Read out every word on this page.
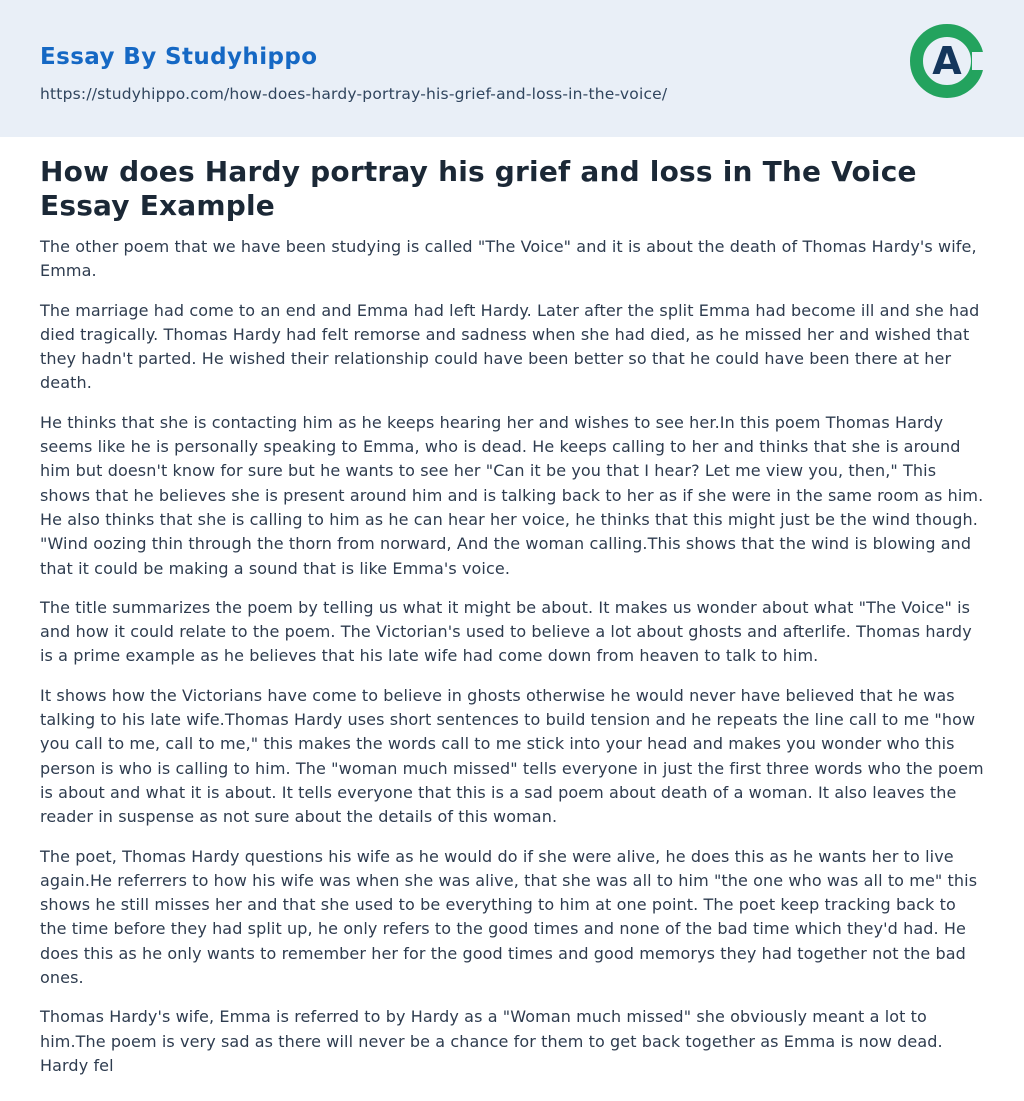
Essay By Studyhippo
https://studyhippo.com/how-does-hardy-portray-his-grief-and-loss-in-the-voice/
A
How does Hardy portray his grief and loss in The Voice Essay Example

The other poem that we have been studying is called "The Voice" and it is about the death of Thomas Hardy's wife, Emma.

The marriage had come to an end and Emma had left Hardy. Later after the split Emma had become ill and she had died tragically. Thomas Hardy had felt remorse and sadness when she had died, as he missed her and wished that they hadn't parted. He wished their relationship could have been better so that he could have been there at her death.

He thinks that she is contacting him as he keeps hearing her and wishes to see her.In this poem Thomas Hardy seems like he is personally speaking to Emma, who is dead. He keeps calling to her and thinks that she is around him but doesn't know for sure but he wants to see her "Can it be you that I hear? Let me view you, then," This shows that he believes she is present around him and is talking back to her as if she were in the same room as him. He also thinks that she is calling to him as he can hear her voice, he thinks that this might just be the wind though. "Wind oozing thin through the thorn from norward, And the woman calling.This shows that the wind is blowing and that it could be making a sound that is like Emma's voice.

The title summarizes the poem by telling us what it might be about. It makes us wonder about what "The Voice" is and how it could relate to the poem. The Victorian's used to believe a lot about ghosts and afterlife. Thomas hardy is a prime example as he believes that his late wife had come down from heaven to talk to him.

It shows how the Victorians have come to believe in ghosts otherwise he would never have believed that he was talking to his late wife.Thomas Hardy uses short sentences to build tension and he repeats the line call to me "how you call to me, call to me," this makes the words call to me stick into your head and makes you wonder who this person is who is calling to him. The "woman much missed" tells everyone in just the first three words who the poem is about and what it is about. It tells everyone that this is a sad poem about death of a woman. It also leaves the reader in suspense as not sure about the details of this woman.

The poet, Thomas Hardy questions his wife as he would do if she were alive, he does this as he wants her to live again.He referrers to how his wife was when she was alive, that she was all to him "the one who was all to me" this shows he still misses her and that she used to be everything to him at one point. The poet keep tracking back to the time before they had split up, he only refers to the good times and none of the bad time which they'd had. He does this as he only wants to remember her for the good times and good memorys they had together not the bad ones.

Thomas Hardy's wife, Emma is referred to by Hardy as a "Woman much missed" she obviously meant a lot to him.The poem is very sad as there will never be a chance for them to get back together as Emma is now dead. Hardy fel
